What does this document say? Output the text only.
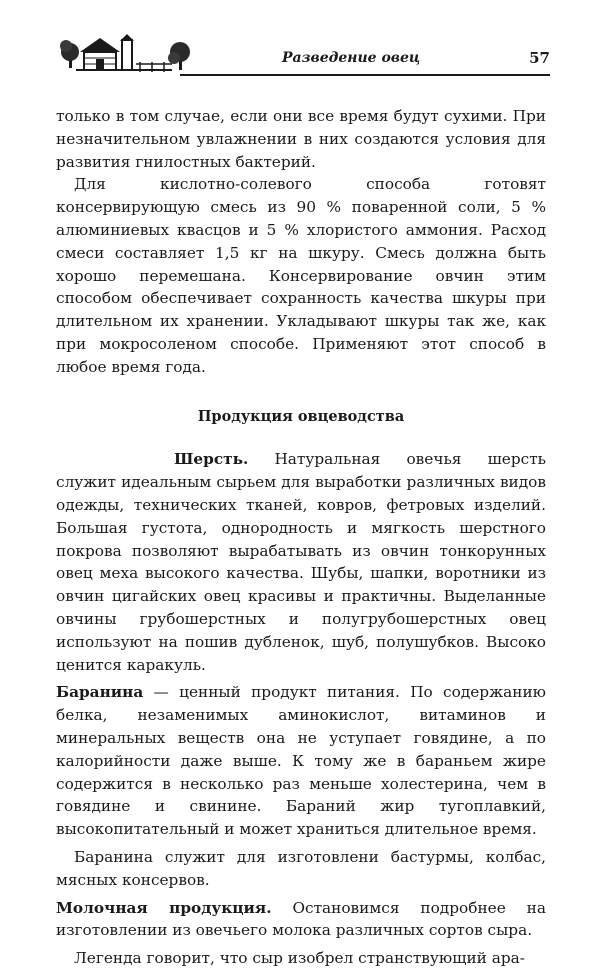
Разведение овец	57

только в том случае, если они все время будут сухими. При незначительном увлажнении в них создаются условия для развития гнилостных бактерий.

Для кислотно-солевого способа готовят консервирующую смесь из 90 % поваренной соли, 5 % алюминиевых квасцов и 5 % хлористого аммония. Расход смеси составляет 1,5 кг на шкуру. Смесь должна быть хорошо перемешана. Консервирование овчин этим способом обеспечивает сохранность качества шкуры при длительном их хранении. Укладывают шкуры так же, как при мокросоленом способе. Применяют этот способ в любое время года.

Продукция овцеводства

Шерсть. Натуральная овечья шерсть служит идеальным сырьем для выработки различных видов одежды, технических тканей, ковров, фетровых изделий. Большая густота, однородность и мягкость шерстного покрова позволяют вырабатывать из овчин тонкорунных овец меха высокого качества. Шубы, шапки, воротники из овчин цигайских овец красивы и практичны. Выделанные овчины грубошерстных и полугрубошерстных овец используют на пошив дубленок, шуб, полушубков. Высоко ценится каракуль.

Баранина — ценный продукт питания. По содержанию белка, незаменимых аминокислот, витаминов и минеральных веществ она не уступает говядине, а по калорийности даже выше. К тому же в бараньем жире содержится в несколько раз меньше холестерина, чем в говядине и свинине. Бараний жир тугоплавкий, высокопитательный и может храниться длительное время.

Баранина служит для изготовлени бастурмы, колбас, мясных консервов.

Молочная продукция. Остановимся подробнее на изготовлении из овечьего молока различных сортов сыра.

Легенда говорит, что сыр изобрел странствующий ара-
